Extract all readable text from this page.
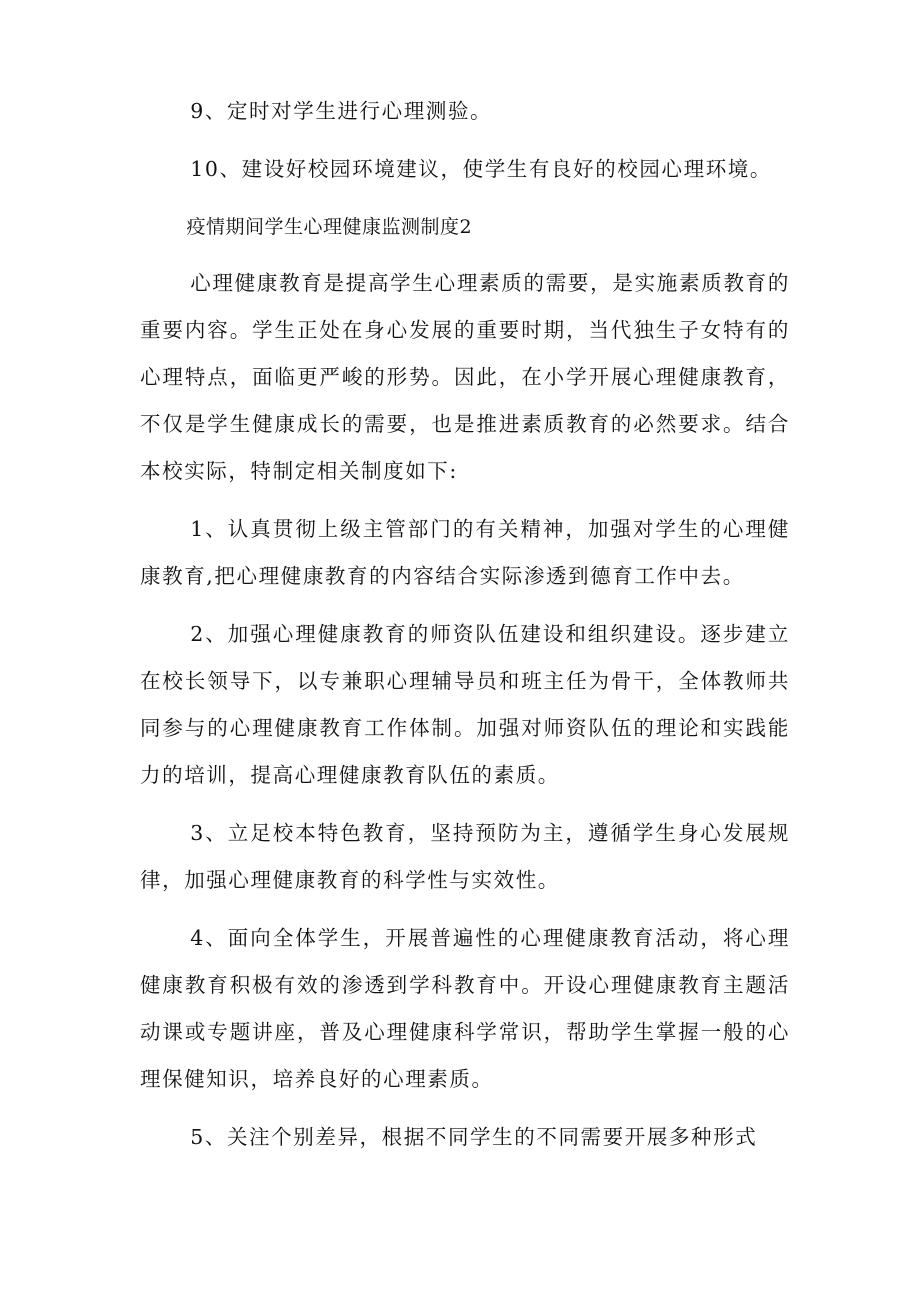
9、定时对学生进行心理测验。

10、建设好校园环境建议，使学生有良好的校园心理环境。

疫情期间学生心理健康监测制度2

心理健康教育是提高学生心理素质的需要，是实施素质教育的重要内容。学生正处在身心发展的重要时期，当代独生子女特有的心理特点，面临更严峻的形势。因此，在小学开展心理健康教育，不仅是学生健康成长的需要，也是推进素质教育的必然要求。结合本校实际，特制定相关制度如下:

1、认真贯彻上级主管部门的有关精神，加强对学生的心理健康教育,把心理健康教育的内容结合实际渗透到德育工作中去。

2、加强心理健康教育的师资队伍建设和组织建设。逐步建立在校长领导下，以专兼职心理辅导员和班主任为骨干，全体教师共同参与的心理健康教育工作体制。加强对师资队伍的理论和实践能力的培训，提高心理健康教育队伍的素质。

3、立足校本特色教育，坚持预防为主，遵循学生身心发展规律，加强心理健康教育的科学性与实效性。

4、面向全体学生，开展普遍性的心理健康教育活动，将心理健康教育积极有效的渗透到学科教育中。开设心理健康教育主题活动课或专题讲座，普及心理健康科学常识，帮助学生掌握一般的心理保健知识，培养良好的心理素质。

5、关注个别差异，根据不同学生的不同需要开展多种形式
